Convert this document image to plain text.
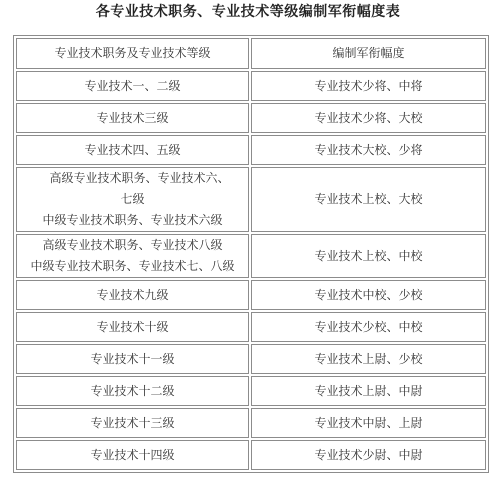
各专业技术职务、专业技术等级编制军衔幅度表
专业技术职务及专业技术等级	编制军衔幅度

专业技术一、二级	专业技术少将、中将

专业技术三级	专业技术少将、大校

专业技术四、五级	专业技术大校、少将

高级专业技术职务、专业技术六、
七级
中级专业技术职务、专业技术六级	专业技术上校、大校

高级专业技术职务、专业技术八级
中级专业技术职务、专业技术七、八级	专业技术上校、中校

专业技术九级	专业技术中校、少校

专业技术十级	专业技术少校、中校

专业技术十一级	专业技术上尉、少校

专业技术十二级	专业技术上尉、中尉

专业技术十三级	专业技术中尉、上尉

专业技术十四级	专业技术少尉、中尉
